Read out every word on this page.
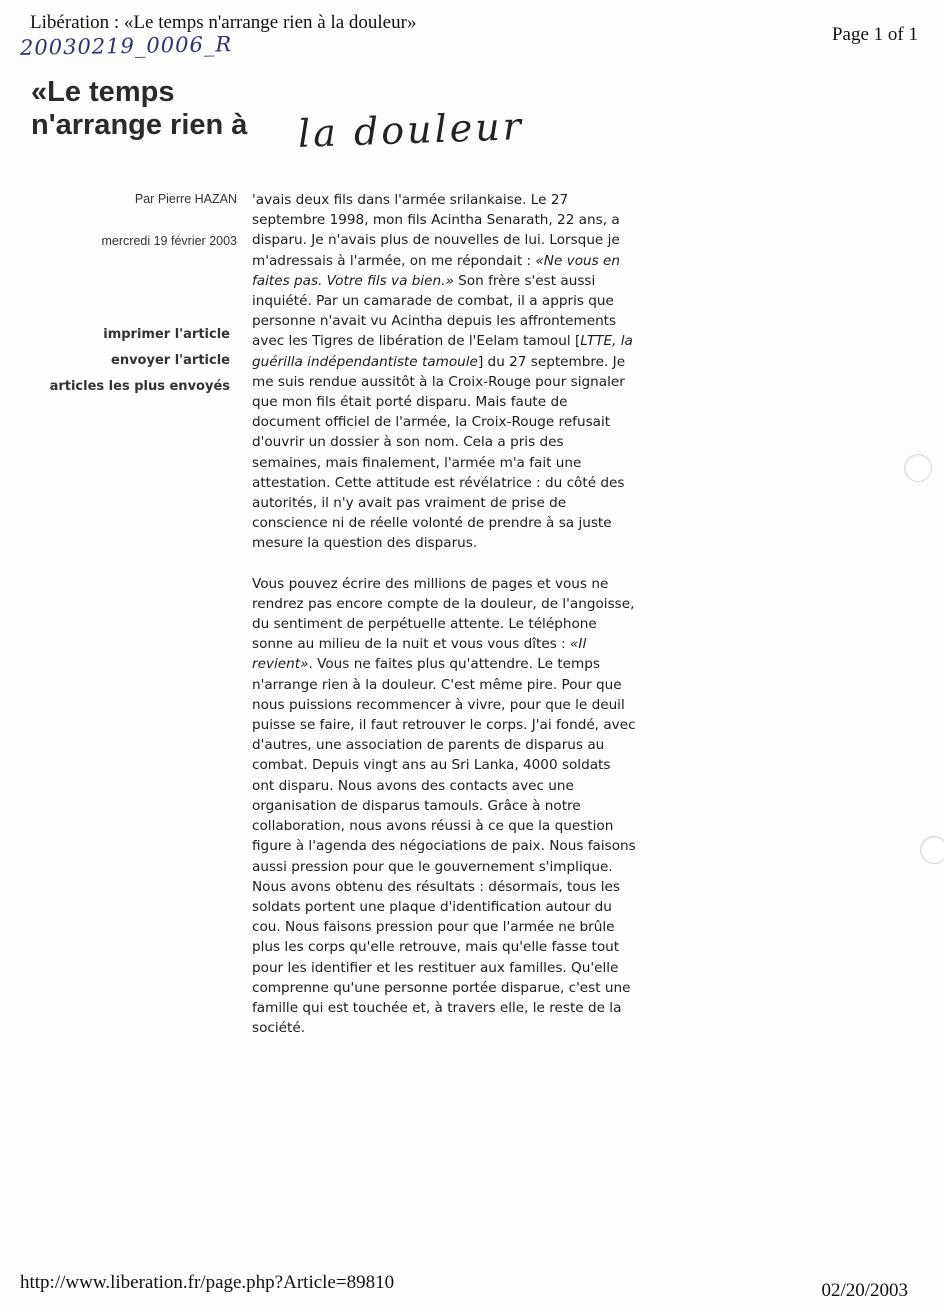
Libération : «Le temps n'arrange rien à la douleur»
Page 1 of 1
20030219_0006_R
«Le temps
n'arrange rien à la douleur
Par Pierre HAZAN
mercredi 19 février 2003
imprimer l'article
envoyer l'article
articles les plus envoyés

'avais deux fils dans l'armée srilankaise. Le 27 septembre 1998, mon fils Acintha Senarath, 22 ans, a disparu. Je n'avais plus de nouvelles de lui. Lorsque je m'adressais à l'armée, on me répondait : «Ne vous en faites pas. Votre fils va bien.» Son frère s'est aussi inquiété. Par un camarade de combat, il a appris que personne n'avait vu Acintha depuis les affrontements avec les Tigres de libération de l'Eelam tamoul [LTTE, la guérilla indépendantiste tamoule] du 27 septembre. Je me suis rendue aussitôt à la Croix-Rouge pour signaler que mon fils était porté disparu. Mais faute de document officiel de l'armée, la Croix-Rouge refusait d'ouvrir un dossier à son nom. Cela a pris des semaines, mais finalement, l'armée m'a fait une attestation. Cette attitude est révélatrice : du côté des autorités, il n'y avait pas vraiment de prise de conscience ni de réelle volonté de prendre à sa juste mesure la question des disparus.

Vous pouvez écrire des millions de pages et vous ne rendrez pas encore compte de la douleur, de l'angoisse, du sentiment de perpétuelle attente. Le téléphone sonne au milieu de la nuit et vous vous dîtes : «Il revient». Vous ne faites plus qu'attendre. Le temps n'arrange rien à la douleur. C'est même pire. Pour que nous puissions recommencer à vivre, pour que le deuil puisse se faire, il faut retrouver le corps. J'ai fondé, avec d'autres, une association de parents de disparus au combat. Depuis vingt ans au Sri Lanka, 4000 soldats ont disparu. Nous avons des contacts avec une organisation de disparus tamouls. Grâce à notre collaboration, nous avons réussi à ce que la question figure à l'agenda des négociations de paix. Nous faisons aussi pression pour que le gouvernement s'implique. Nous avons obtenu des résultats : désormais, tous les soldats portent une plaque d'identification autour du cou. Nous faisons pression pour que l'armée ne brûle plus les corps qu'elle retrouve, mais qu'elle fasse tout pour les identifier et les restituer aux familles. Qu'elle comprenne qu'une personne portée disparue, c'est une famille qui est touchée et, à travers elle, le reste de la société.

http://www.liberation.fr/page.php?Article=89810	02/20/2003
